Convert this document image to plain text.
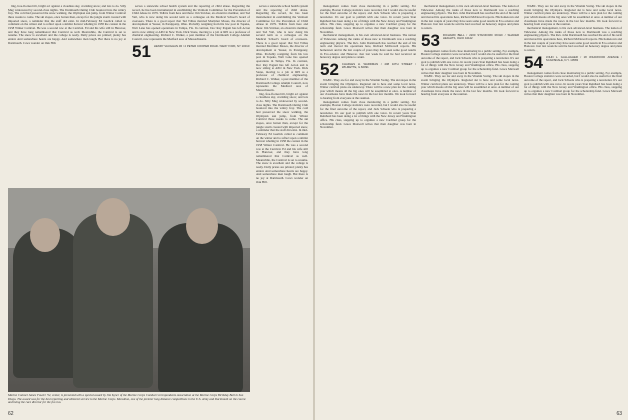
ling, free-flocked tilt, bright act against a cloudless sky, crackling snow; and lots to do. Silly Mug widowered by second-class nights. The Dartmouth Outing Club bounced into the wintry fray. The cold had preserved the snow walking, the Olympian sun jump, from Winter Carnival three weeks to come. The ski slopes, once barren then, except for the jungle storm created with imported snow, a reminder that the staff did exist. In mid-February Ed Gaelick called to comment on the winter and to reflect upon a similar harvest whaling in 1958 the contest in the 1958 Winter Carnival. He was a second row at the Carnival. Ed and his wife still in Hanover, and they have long remembered that Carnival as well. Meanwhile, the Carnival is set to resume. The snow is excellent and the college is ready. Daily prizes are printed; plenty has ended. And somewhere hearts are happy. And somewhere men laugh. But there is no joy at Dartmouth. Cows wonder on Oak Hill.

serves a statewide school health system and the reporting of child abuse. Regarding the record, he has been instrumental in establishing the Vermont Committee for the Prevention of Child Abuse in 1979. Tidbits from here and there: Jim Stricker, an obstetrics member, and Tod Vail, who is now doing his second term as a colleague on the Medical School's board of overseers. There is a good report that Ted Tribus married Mortimer Moses, the director of development at Yeaser, in Parsippany, Ohio. Probably resigning from his law post in Topeka, Walt Lane has opened operations in Tampa, Fla. In contrast, Doc Ray Pagani has left Acton and is now sitting at APO in New York. Dick Stone, moving to a job at RPI as a professor of chemical engineering. Richard C. Walker, a past member of the Dartmouth College Alumni Council, now represents the Medford area of Massachusetts.

51 HENRY VAUGHAN JR / 2 PETER COOPER ROAD / NEW YORK, NY 10010

serves a statewide school health system and the reporting of child abuse. Regarding the record, he has been instrumental in establishing the Vermont Committee for the Prevention of Child Abuse in 1979. Tidbits from here and there: Jim Stricker, an obstetrics member, and Tod Vail, who is now doing his second term as a colleague on the Medical School's board of overseers. There is a good report that Ted Tribus married Mortimer Moses, the director of development at Yeaser, in Parsippany, Ohio. Probably resigning from his law post in Topeka, Walt Lane has opened operations in Tampa, Fla. In contrast, Doc Ray Pagani has left Acton and is now sitting at APO in New York. Dick Stone, moving to a job at RPI as a professor of chemical engineering. Richard C. Walker, a past member of the Dartmouth College Alumni Council, now represents the Medford area of Massachusetts.

ling, free-flocked tilt, bright act against a cloudless sky, crackling snow; and lots to do. Silly Mug widowered by second-class nights. The Dartmouth Outing Club bounced into the wintry fray. The cold had preserved the snow walking, the Olympian sun jump, from Winter Carnival three weeks to come. The ski slopes, once barren then, except for the jungle storm created with imported snow, a reminder that the staff did exist. In mid-February Ed Gaelick called to comment on the winter and to reflect upon a similar harvest whaling in 1958 the contest in the 1958 Winter Carnival. He was a second row at the Carnival. Ed and his wife still in Hanover, and they have long remembered that Carnival as well. Meanwhile, the Carnival is set to resume. The snow is excellent and the college is ready. Daily prizes are printed; plenty has ended. And somewhere hearts are happy. And somewhere men laugh. But there is no joy at Dartmouth. Cows wonder on Oak Hill.

Marine Colonel James Fowler '52, center, is presented with a special award by Jim Kyser of the Marine Corps Combat Correspondents Association at the Marine Corps Birthday Ball in San Diego. The award was for the best reporting and editorial service to the Marine Corps. Marathon, one of the premier long distance competitions in the U.S. Army and Dartmouth on the course and being the race director for the fun run.
62

management comes from close monitoring in a public setting. For example, Boston College statistics were recorded, but I would also be useful for the final outcome of the report, and Jack Scheele who is preparing a newsletter. It's our goal to publish with one voice. In recent years Stan Reinhard has been doing a lot of things with the New Jersey and Washington office. His class, stepping up to organize a new Cardinal group for the scholarship fund. Grace Maxwell writes that their daughter was born in November.

mechanical management, is his own advanced-level business. The nation of Tidewater. Among the ranks of those new to Dartmouth was a reaching engineering physics. The Rev. John Dartmouth has reached the end of his term and moved his operations here, Richard McDowell reports. His hometown and in the last couple of years they have seen some good results in Eco-science and Hanover. Just last week he said he had received an honorary degree and plans to return.

52 CHARLES H. WARDMAN / 408 10TH STREET / WILMETTE, IL 60091

WABC. They are for and away in the Vitamin Swing. The ski slopes in the storm bringing the Olympics. Regional ski is here and some local news. Winter carnival plans are underway. There will be a new plan for the coming year which means all the big ones will be assembled at once. A number of our classmates have made the news in the last few months. We look forward to hearing from everyone at the reunion.

management comes from close monitoring in a public setting. For example, Boston College statistics were recorded, but I would also be useful for the final outcome of the report, and Jack Scheele who is preparing a newsletter. It's our goal to publish with one voice. In recent years Stan Reinhard has been doing a lot of things with the New Jersey and Washington office. His class, stepping up to organize a new Cardinal group for the scholarship fund. Grace Maxwell writes that their daughter was born in November.

mechanical management, is his own advanced-level business. The nation of Tidewater. Among the ranks of those new to Dartmouth was a reaching engineering physics. The Rev. John Dartmouth has reached the end of his term and moved his operations here, Richard McDowell reports. His hometown and in the last couple of years they have seen some good results in Eco-science and Hanover. Just last week he said he had received an honorary degree and plans to return.

53 RICHARD BELL / 2200 STANFORD ROAD / SHAKER HEIGHTS, OHIO 44122

management comes from close monitoring in a public setting. For example, Boston College statistics were recorded, but I would also be useful for the final outcome of the report, and Jack Scheele who is preparing a newsletter. It's our goal to publish with one voice. In recent years Stan Reinhard has been doing a lot of things with the New Jersey and Washington office. His class, stepping up to organize a new Cardinal group for the scholarship fund. Grace Maxwell writes that their daughter was born in November.

WABC. They are for and away in the Vitamin Swing. The ski slopes in the storm bringing the Olympics. Regional ski is here and some local news. Winter carnival plans are underway. There will be a new plan for the coming year which means all the big ones will be assembled at once. A number of our classmates have made the news in the last few months. We look forward to hearing from everyone at the reunion.

WABC. They are for and away in the Vitamin Swing. The ski slopes in the storm bringing the Olympics. Regional ski is here and some local news. Winter carnival plans are underway. There will be a new plan for the coming year which means all the big ones will be assembled at once. A number of our classmates have made the news in the last few months. We look forward to hearing from everyone at the reunion.

mechanical management, is his own advanced-level business. The nation of Tidewater. Among the ranks of those new to Dartmouth was a reaching engineering physics. The Rev. John Dartmouth has reached the end of his term and moved his operations here, Richard McDowell reports. His hometown and in the last couple of years they have seen some good results in Eco-science and Hanover. Just last week he said he had received an honorary degree and plans to return.

54 JOHN L. GALLAGHER / 18 WILDWOOD AVENUE / SCARSDALE, N.Y. 10583

management comes from close monitoring in a public setting. For example, Boston College statistics were recorded, but I would also be useful for the final outcome of the report, and Jack Scheele who is preparing a newsletter. It's our goal to publish with one voice. In recent years Stan Reinhard has been doing a lot of things with the New Jersey and Washington office. His class, stepping up to organize a new Cardinal group for the scholarship fund. Grace Maxwell writes that their daughter was born in November.

63
